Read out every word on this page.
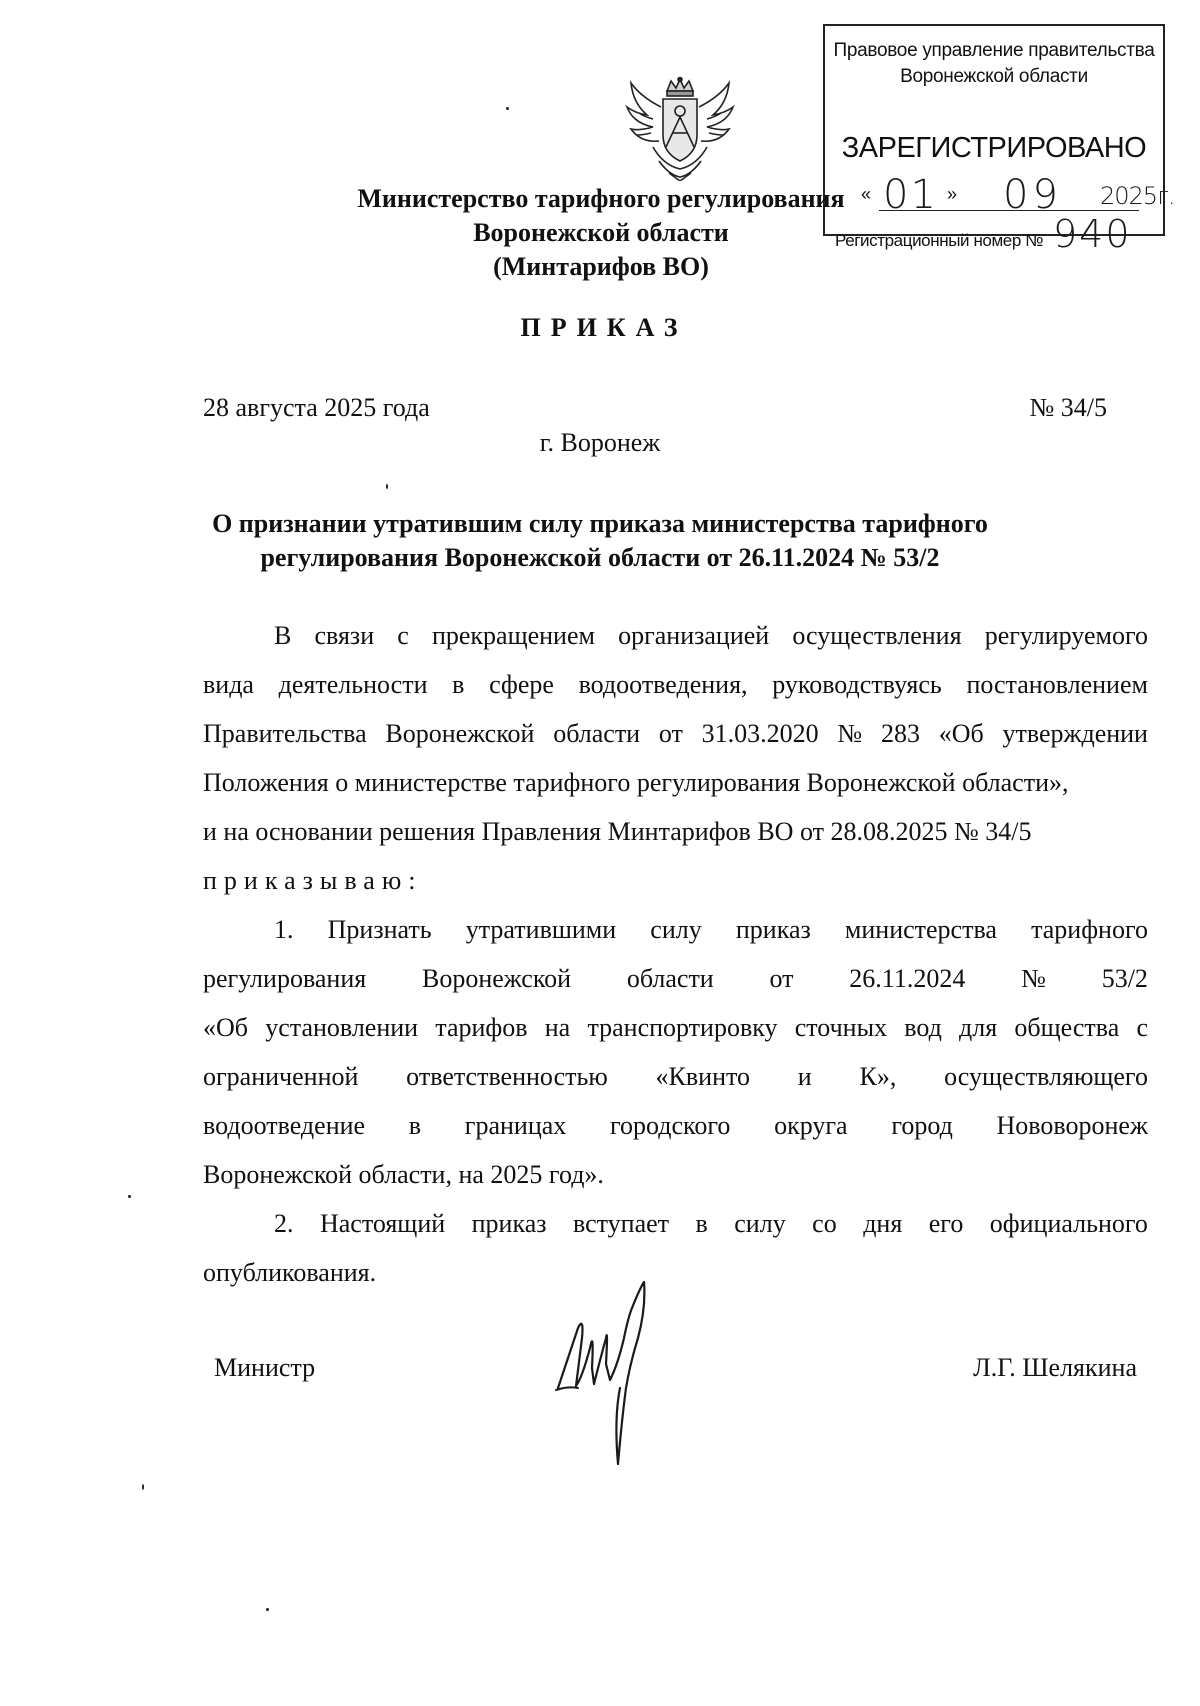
Правовое управление правительства
Воронежской области
ЗАРЕГИСТРИРОВАНО
« 01 » 09 2025г.
Регистрационный номер № 940
Министерство тарифного регулирования
Воронежской области
(Минтарифов ВО)
ПРИКАЗ
28 августа 2025 года	№ 34/5
г. Воронеж
О признании утратившим силу приказа министерства тарифного
регулирования Воронежской области от 26.11.2024 № 53/2
В связи с прекращением организацией осуществления регулируемого
вида деятельности в сфере водоотведения, руководствуясь постановлением
Правительства Воронежской области от 31.03.2020 № 283 «Об утверждении
Положения о министерстве тарифного регулирования Воронежской области»,
и на основании решения Правления Минтарифов ВО от 28.08.2025 № 34/5
приказываю:
1. Признать утратившими силу приказ министерства тарифного
регулирования Воронежской области от 26.11.2024 № 53/2
«Об установлении тарифов на транспортировку сточных вод для общества с
ограниченной ответственностью «Квинто и К», осуществляющего
водоотведение в границах городского округа город Нововоронеж
Воронежской области, на 2025 год».
2. Настоящий приказ вступает в силу со дня его официального
опубликования.
Министр	Л.Г. Шелякина
